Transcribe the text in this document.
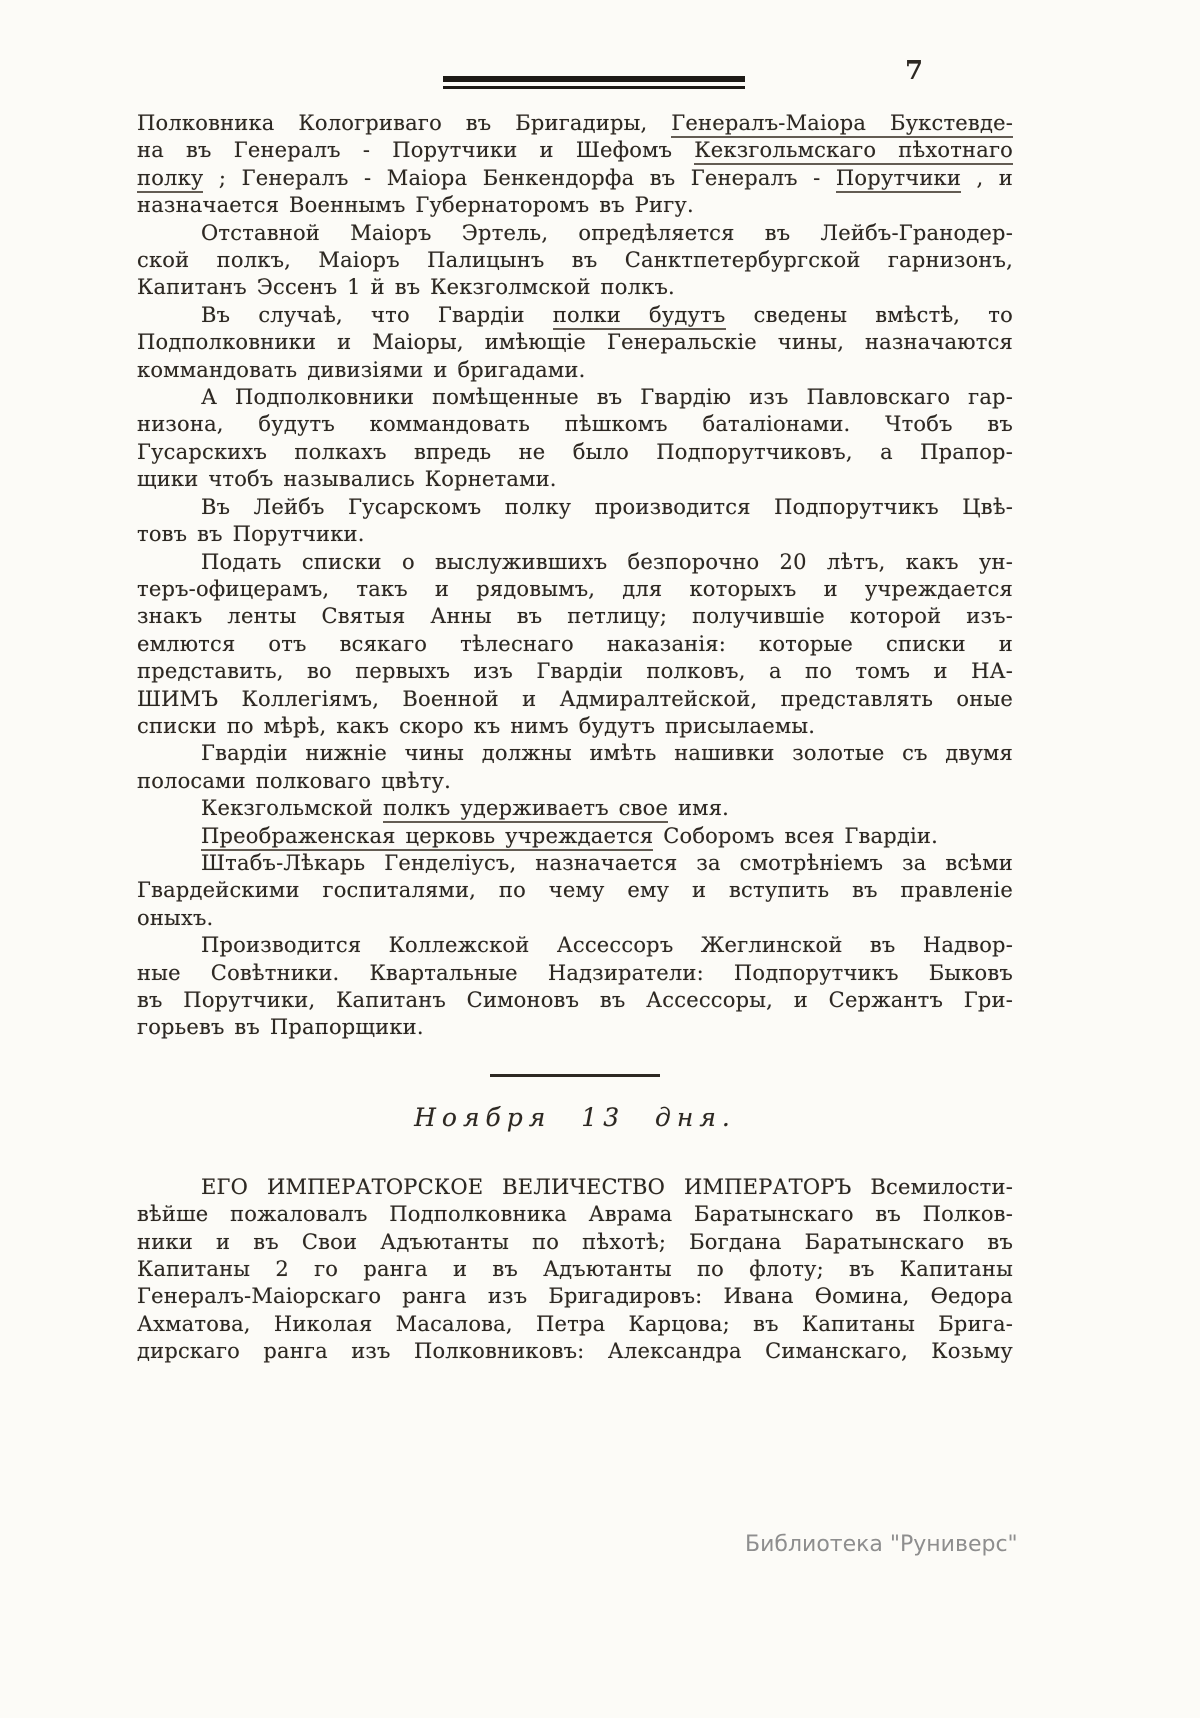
7
Полковника Кологриваго въ Бригадиры, Генералъ-Маіора Букстевде-
на въ Генералъ - Порутчики и Шефомъ Кекзгольмскаго пѣхотнаго
полку ; Генералъ - Маіора Бенкендорфа въ Генералъ - Порутчики , и
назначается Военнымъ Губернаторомъ въ Ригу.
Отставной Маіоръ Эртель, опредѣляется въ Лейбъ-Гранодер-
ской полкъ, Маіоръ Палицынъ въ Санктпетербургской гарнизонъ,
Капитанъ Эссенъ 1 й въ Кекзголмской полкъ.
Въ случаѣ, что Гвардіи полки будутъ сведены вмѣстѣ, то
Подполковники и Маіоры, имѣющіе Генеральскіе чины, назначаются
коммандовать дивизіями и бригадами.
А Подполковники помѣщенные въ Гвардію изъ Павловскаго гар-
низона, будутъ коммандовать пѣшкомъ баталіонами. Чтобъ въ
Гусарскихъ полкахъ впредь не было Подпорутчиковъ, а Прапор-
щики чтобъ назывались Корнетами.
Въ Лейбъ Гусарскомъ полку производится Подпорутчикъ Цвѣ-
товъ въ Порутчики.
Подать списки о выслужившихъ безпорочно 20 лѣтъ, какъ ун-
теръ-офицерамъ, такъ и рядовымъ, для которыхъ и учреждается
знакъ ленты Святыя Анны въ петлицу; получившіе которой изъ-
емлются отъ всякаго тѣлеснаго наказанія: которые списки и
представить, во первыхъ изъ Гвардіи полковъ, а по томъ и НА-
ШИМЪ Коллегіямъ, Военной и Адмиралтейской, представлять оные
списки по мѣрѣ, какъ скоро къ нимъ будутъ присылаемы.
Гвардіи нижніе чины должны имѣть нашивки золотые съ двумя
полосами полковаго цвѣту.
Кекзгольмской полкъ удерживаетъ свое имя.
Преображенская церковь учреждается Соборомъ всея Гвардіи.
Штабъ-Лѣкарь Генделіусъ, назначается за смотрѣніемъ за всѣми
Гвардейскими госпиталями, по чему ему и вступить въ правленіе
оныхъ.
Производится Коллежской Ассессоръ Жеглинской въ Надвор-
ные Совѣтники. Квартальные Надзиратели: Подпорутчикъ Быковъ
въ Порутчики, Капитанъ Симоновъ въ Ассессоры, и Сержантъ Гри-
горьевъ въ Прапорщики.
Ноября 13 дня.
ЕГО ИМПЕРАТОРСКОЕ ВЕЛИЧЕСТВО ИМПЕРАТОРЪ Всемилости-
вѣйше пожаловалъ Подполковника Аврама Баратынскаго въ Полков-
ники и въ Свои Адъютанты по пѣхотѣ; Богдана Баратынскаго въ
Капитаны 2 го ранга и въ Адъютанты по флоту; въ Капитаны
Генералъ-Маіорскаго ранга изъ Бригадировъ: Ивана Ѳомина, Ѳедора
Ахматова, Николая Масалова, Петра Карцова; въ Капитаны Брига-
дирскаго ранга изъ Полковниковъ: Александра Симанскаго, Козьму
Библиотека "Руниверс"
